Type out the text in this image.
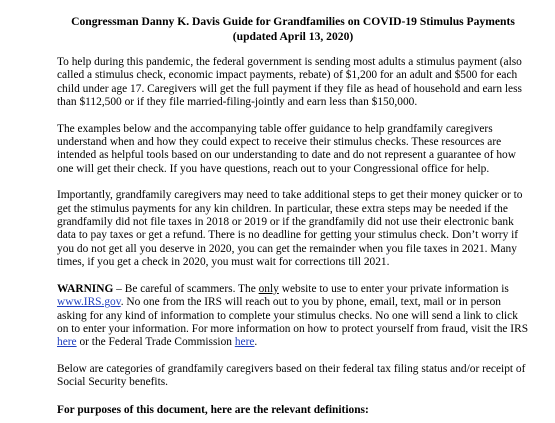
Congressman Danny K. Davis Guide for Grandfamilies on COVID-19 Stimulus Payments
(updated April 13, 2020)

To help during this pandemic, the federal government is sending most adults a stimulus payment (also called a stimulus check, economic impact payments, rebate) of $1,200 for an adult and $500 for each child under age 17. Caregivers will get the full payment if they file as head of household and earn less than $112,500 or if they file married-filing-jointly and earn less than $150,000.

The examples below and the accompanying table offer guidance to help grandfamily caregivers understand when and how they could expect to receive their stimulus checks. These resources are intended as helpful tools based on our understanding to date and do not represent a guarantee of how one will get their check. If you have questions, reach out to your Congressional office for help.

Importantly, grandfamily caregivers may need to take additional steps to get their money quicker or to get the stimulus payments for any kin children. In particular, these extra steps may be needed if the grandfamily did not file taxes in 2018 or 2019 or if the grandfamily did not use their electronic bank data to pay taxes or get a refund. There is no deadline for getting your stimulus check. Don’t worry if you do not get all you deserve in 2020, you can get the remainder when you file taxes in 2021. Many times, if you get a check in 2020, you must wait for corrections till 2021.

WARNING – Be careful of scammers. The only website to use to enter your private information is www.IRS.gov. No one from the IRS will reach out to you by phone, email, text, mail or in person asking for any kind of information to complete your stimulus checks. No one will send a link to click on to enter your information. For more information on how to protect yourself from fraud, visit the IRS here or the Federal Trade Commission here.

Below are categories of grandfamily caregivers based on their federal tax filing status and/or receipt of Social Security benefits.

For purposes of this document, here are the relevant definitions:
